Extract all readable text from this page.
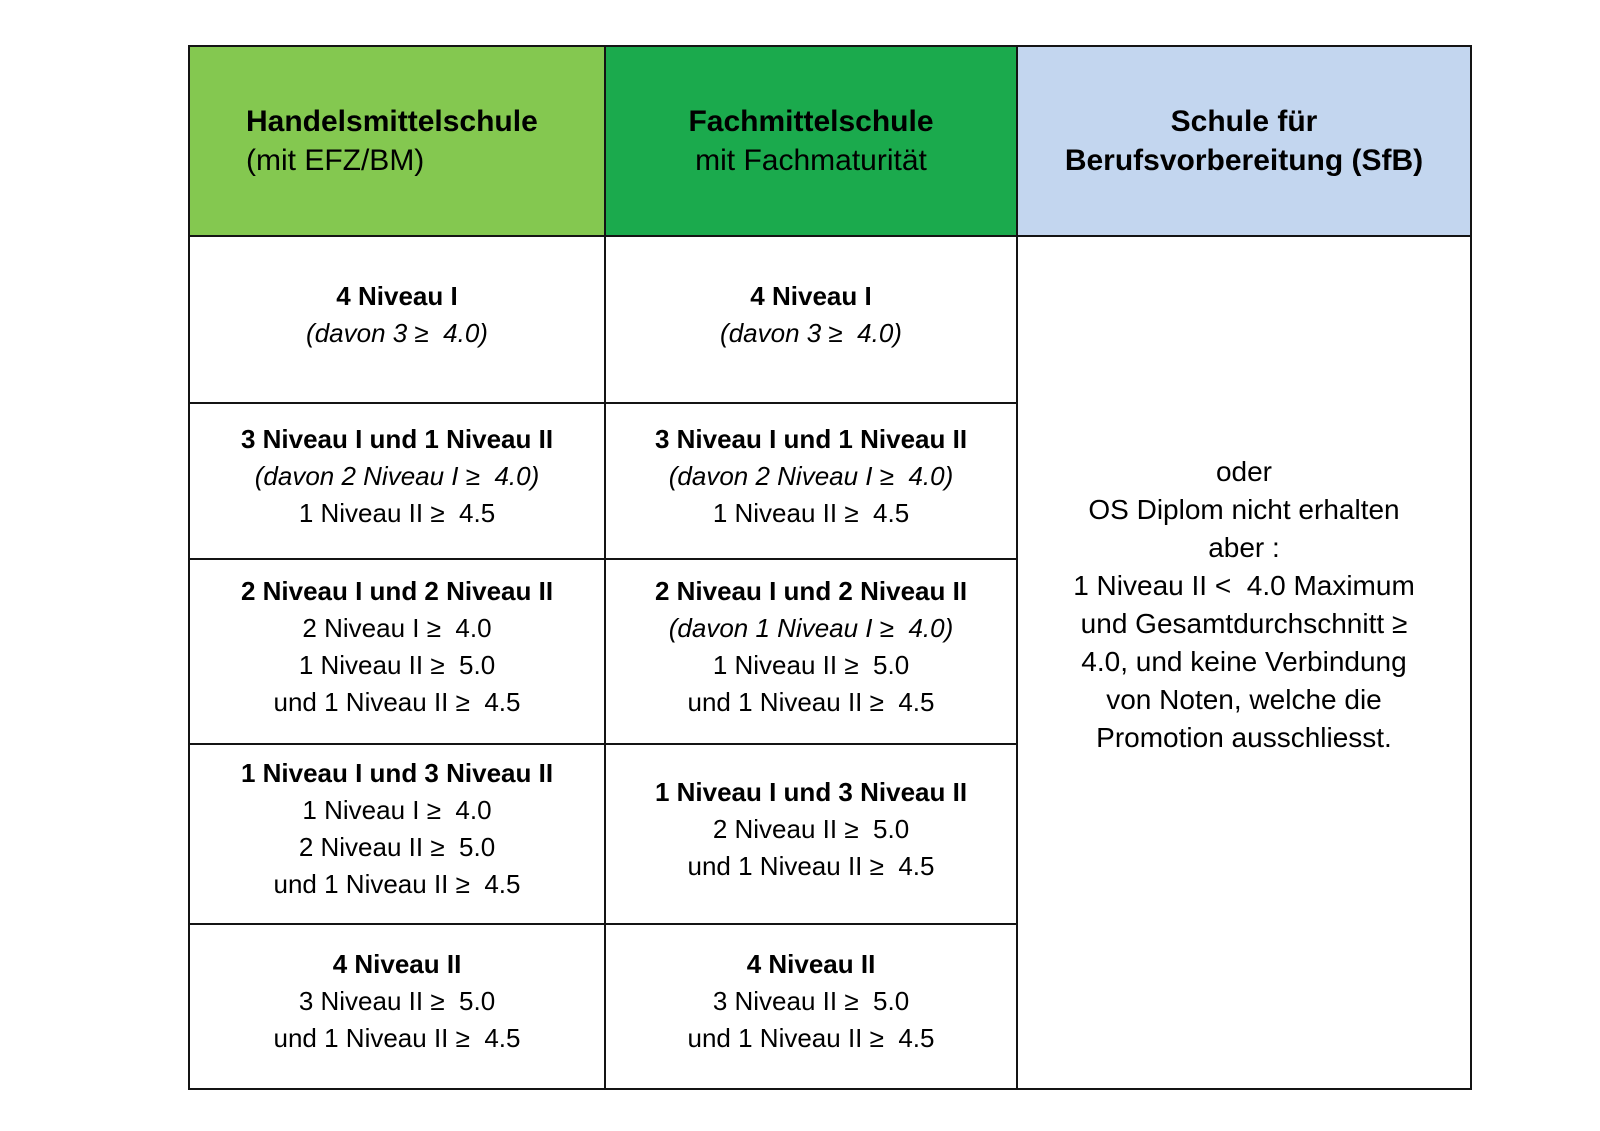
Handelsmittelschule
(mit EFZ/BM)
Fachmittelschule
mit Fachmaturität
Schule für
Berufsvorbereitung (SfB)
oder
OS Diplom nicht erhalten
aber :
1 Niveau II <  4.0 Maximum
und Gesamtdurchschnitt ≥
4.0, und keine Verbindung
von Noten, welche die
Promotion ausschliesst.
4 Niveau I
(davon 3 ≥  4.0)
4 Niveau I
(davon 3 ≥  4.0)
3 Niveau I und 1 Niveau II
(davon 2 Niveau I ≥  4.0)
1 Niveau II ≥  4.5
3 Niveau I und 1 Niveau II
(davon 2 Niveau I ≥  4.0)
1 Niveau II ≥  4.5
2 Niveau I und 2 Niveau II
2 Niveau I ≥  4.0
1 Niveau II ≥  5.0
und 1 Niveau II ≥  4.5
2 Niveau I und 2 Niveau II
(davon 1 Niveau I ≥  4.0)
1 Niveau II ≥  5.0
und 1 Niveau II ≥  4.5
1 Niveau I und 3 Niveau II
1 Niveau I ≥  4.0
2 Niveau II ≥  5.0
und 1 Niveau II ≥  4.5
1 Niveau I und 3 Niveau II
2 Niveau II ≥  5.0
und 1 Niveau II ≥  4.5
4 Niveau II
3 Niveau II ≥  5.0
und 1 Niveau II ≥  4.5
4 Niveau II
3 Niveau II ≥  5.0
und 1 Niveau II ≥  4.5
